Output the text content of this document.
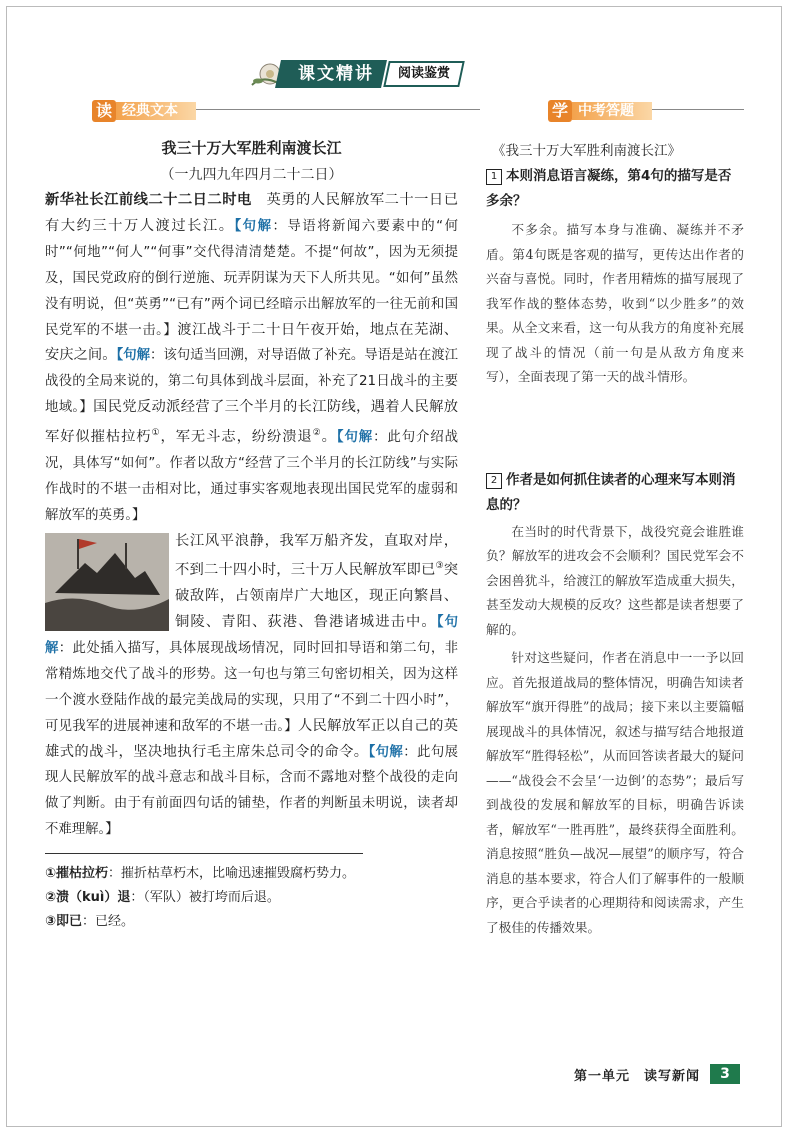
课文精讲	阅读鉴赏
读 经典文本	学 中考答题

我三十万大军胜利南渡长江

（一九四九年四月二十二日）

新华社长江前线二十二日二时电　英勇的人民解放军二十一日已有大约三十万人渡过长江。【句解：导语将新闻六要素中的“何时”“何地”“何人”“何事”交代得清清楚楚。不提“何故”，因为无须提及，国民党政府的倒行逆施、玩弄阴谋为天下人所共见。“如何”虽然没有明说，但“英勇”“已有”两个词已经暗示出解放军的一往无前和国民党军的不堪一击。】渡江战斗于二十日午夜开始，地点在芜湖、安庆之间。【句解：该句适当回溯，对导语做了补充。导语是站在渡江战役的全局来说的，第二句具体到战斗层面，补充了21日战斗的主要地域。】国民党反动派经营了三个半月的长江防线，遇着人民解放军好似摧枯拉朽①，军无斗志，纷纷溃退②。【句解：此句介绍战况，具体写“如何”。作者以敌方“经营了三个半月的长江防线”与实际作战时的不堪一击相对比，通过事实客观地表现出国民党军的虚弱和解放军的英勇。】

长江风平浪静，我军万船齐发，直取对岸，不到二十四小时，三十万人民解放军即已③突破敌阵，占领南岸广大地区，现正向繁昌、铜陵、青阳、荻港、鲁港诸城进击中。【句解：此处插入描写，具体展现战场情况，同时回扣导语和第二句，非常精炼地交代了战斗的形势。这一句也与第三句密切相关，因为这样一个渡水登陆作战的最完美战局的实现，只用了“不到二十四小时”，可见我军的进展神速和敌军的不堪一击。】人民解放军正以自己的英雄式的战斗，坚决地执行毛主席朱总司令的命令。【句解：此句展现人民解放军的战斗意志和战斗目标，含而不露地对整个战役的走向做了判断。由于有前面四句话的铺垫，作者的判断虽未明说，读者却不难理解。】

①摧枯拉朽：摧折枯草朽木，比喻迅速摧毁腐朽势力。

②溃（kuì）退：（军队）被打垮而后退。

③即已：已经。

《我三十万大军胜利南渡长江》

1 本则消息语言凝练，第4句的描写是否多余？

不多余。描写本身与准确、凝练并不矛盾。第4句既是客观的描写，更传达出作者的兴奋与喜悦。同时，作者用精炼的描写展现了我军作战的整体态势，收到“以少胜多”的效果。从全文来看，这一句从我方的角度补充展现了战斗的情况（前一句是从敌方角度来写），全面表现了第一天的战斗情形。

2 作者是如何抓住读者的心理来写本则消息的？

在当时的时代背景下，战役究竟会谁胜谁负？解放军的进攻会不会顺利？国民党军会不会困兽犹斗，给渡江的解放军造成重大损失，甚至发动大规模的反攻？这些都是读者想要了解的。

针对这些疑问，作者在消息中一一予以回应。首先报道战局的整体情况，明确告知读者解放军“旗开得胜”的战局；接下来以主要篇幅展现战斗的具体情况，叙述与描写结合地报道解放军“胜得轻松”，从而回答读者最大的疑问——“战役会不会呈‘一边倒’的态势”；最后写到战役的发展和解放军的目标，明确告诉读者，解放军“一胜再胜”，最终获得全面胜利。消息按照“胜负—战况—展望”的顺序写，符合消息的基本要求，符合人们了解事件的一般顺序，更合乎读者的心理期待和阅读需求，产生了极佳的传播效果。

第一单元　读写新闻	3
